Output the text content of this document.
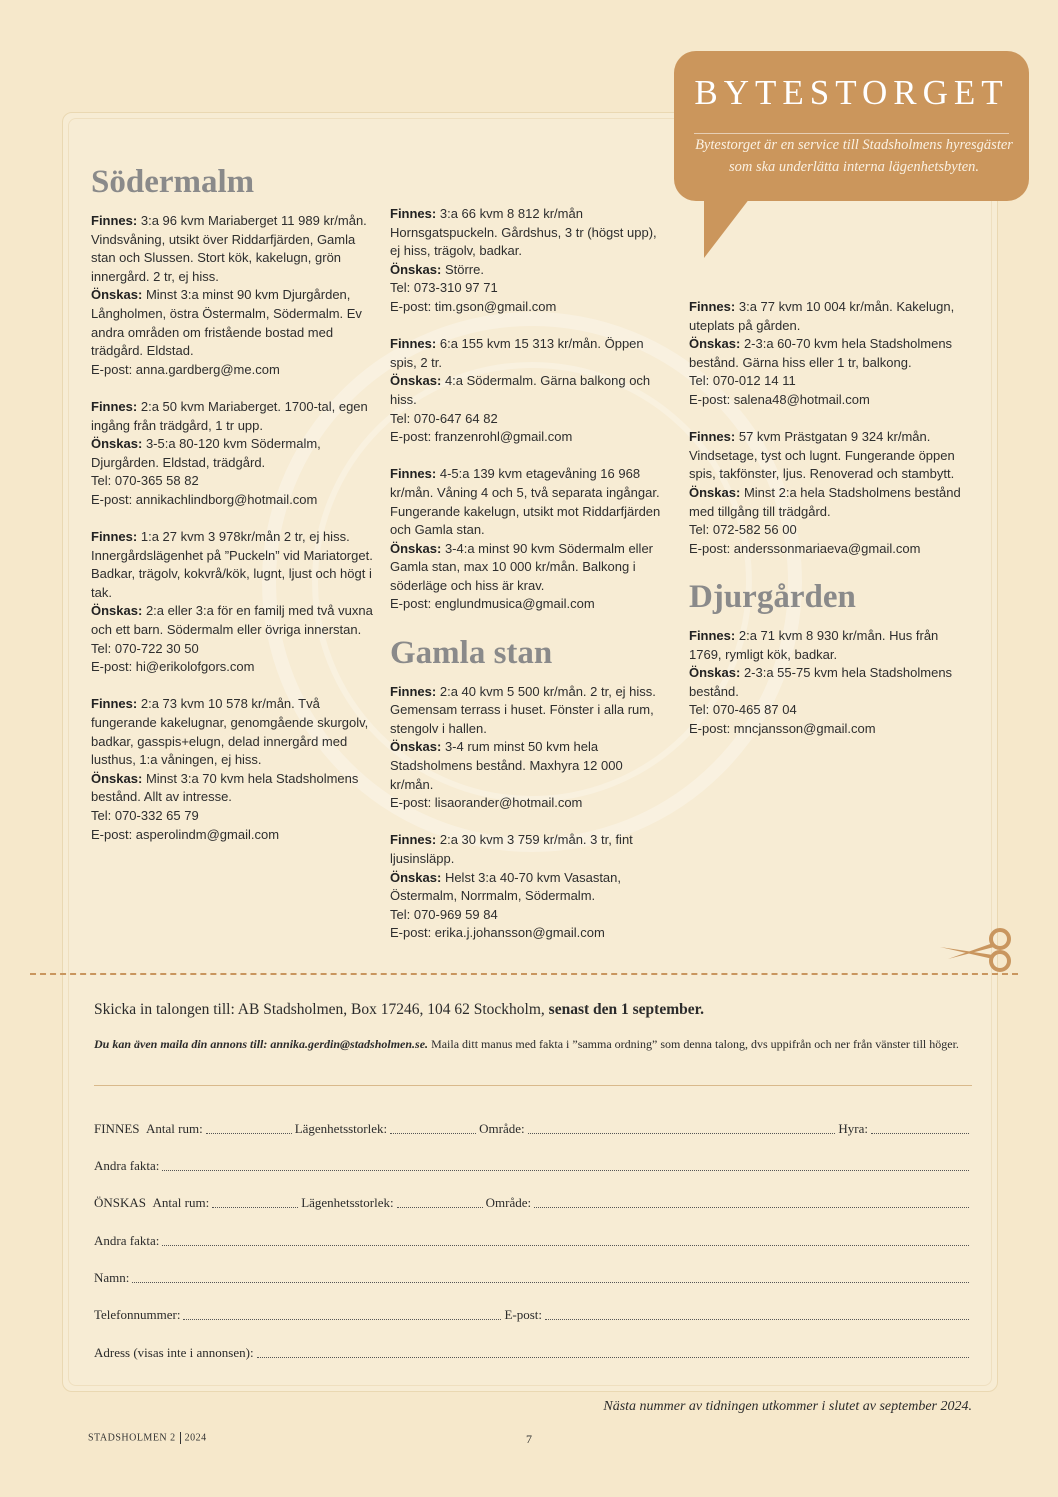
BYTESTORGET

Bytestorget är en service till Stadsholmens hyresgäster som ska underlätta interna lägenhetsbyten.

Södermalm

Finnes: 3:a 96 kvm Mariaberget 11 989 kr/mån. Vindsvåning, utsikt över Riddarfjärden, Gamla stan och Slussen. Stort kök, kakelugn, grön innergård. 2 tr, ej hiss.

Önskas: Minst 3:a minst 90 kvm Djurgården, Långholmen, östra Östermalm, Södermalm. Ev andra områden om fristående bostad med trädgård. Eldstad.

E-post: anna.gardberg@me.com

Finnes: 2:a 50 kvm Mariaberget. 1700-tal, egen ingång från trädgård, 1 tr upp.

Önskas: 3-5:a 80-120 kvm Södermalm, Djurgården. Eldstad, trädgård.

Tel: 070-365 58 82

E-post: annikachlindborg@hotmail.com

Finnes: 1:a 27 kvm 3 978kr/mån 2 tr, ej hiss. Innergårdslägenhet på ”Puckeln” vid Mariatorget. Badkar, trägolv, kokvrå/kök, lugnt, ljust och högt i tak.

Önskas: 2:a eller 3:a för en familj med två vuxna och ett barn. Södermalm eller övriga innerstan.

Tel: 070-722 30 50

E-post: hi@erikolofgors.com

Finnes: 2:a 73 kvm 10 578 kr/mån. Två fungerande kakelugnar, genomgående skurgolv, badkar, gasspis+elugn, delad innergård med lusthus, 1:a våningen, ej hiss.

Önskas: Minst 3:a 70 kvm hela Stadsholmens bestånd. Allt av intresse.

Tel: 070-332 65 79

E-post: asperolindm@gmail.com

Finnes: 3:a 66 kvm 8 812 kr/mån Hornsgatspuckeln. Gårdshus, 3 tr (högst upp), ej hiss, trägolv, badkar.

Önskas: Större.

Tel: 073-310 97 71

E-post: tim.gson@gmail.com

Finnes: 6:a 155 kvm 15 313 kr/mån. Öppen spis, 2 tr.

Önskas: 4:a Södermalm. Gärna balkong och hiss.

Tel: 070-647 64 82

E-post: franzenrohl@gmail.com

Finnes: 4-5:a 139 kvm etagevåning 16 968 kr/mån. Våning 4 och 5, två separata ingångar. Fungerande kakelugn, utsikt mot Riddarfjärden och Gamla stan.

Önskas: 3-4:a minst 90 kvm Södermalm eller Gamla stan, max 10 000 kr/mån. Balkong i söderläge och hiss är krav.

E-post: englundmusica@gmail.com

Gamla stan

Finnes: 2:a 40 kvm 5 500 kr/mån. 2 tr, ej hiss. Gemensam terrass i huset. Fönster i alla rum, stengolv i hallen.

Önskas: 3-4 rum minst 50 kvm hela Stadsholmens bestånd. Maxhyra 12 000 kr/mån.

E-post: lisaorander@hotmail.com

Finnes: 2:a 30 kvm 3 759 kr/mån. 3 tr, fint ljusinsläpp.

Önskas: Helst 3:a 40-70 kvm Vasastan, Östermalm, Norrmalm, Södermalm.

Tel: 070-969 59 84

E-post: erika.j.johansson@gmail.com

Finnes: 3:a 77 kvm 10 004 kr/mån. Kakelugn, uteplats på gården.

Önskas: 2-3:a 60-70 kvm hela Stadsholmens bestånd. Gärna hiss eller 1 tr, balkong.

Tel: 070-012 14 11

E-post: salena48@hotmail.com

Finnes: 57 kvm Prästgatan 9 324 kr/mån. Vindsetage, tyst och lugnt. Fungerande öppen spis, takfönster, ljus. Renoverad och stambytt.

Önskas: Minst 2:a hela Stadsholmens bestånd med tillgång till trädgård.

Tel: 072-582 56 00

E-post: anderssonmariaeva@gmail.com

Djurgården

Finnes: 2:a 71 kvm 8 930 kr/mån. Hus från 1769, rymligt kök, badkar.

Önskas: 2-3:a 55-75 kvm hela Stadsholmens bestånd.

Tel: 070-465 87 04

E-post: mncjansson@gmail.com

Skicka in talongen till: AB Stadsholmen, Box 17246, 104 62 Stockholm, senast den 1 september.
Du kan även maila din annons till: annika.gerdin@stadsholmen.se. Maila ditt manus med fakta i ”samma ordning” som denna talong, dvs uppifrån och ner från vänster till höger.
FINNES
Antal rum:	Lägenhetsstorlek:	Område:	Hyra:
Andra fakta:
ÖNSKAS
Antal rum:	Lägenhetsstorlek:	Område:
Andra fakta:
Namn:
Telefonnummer:	E-post:
Adress (visas inte i annonsen):
Nästa nummer av tidningen utkommer i slutet av september 2024.
STADSHOLMEN 2 2024	7
